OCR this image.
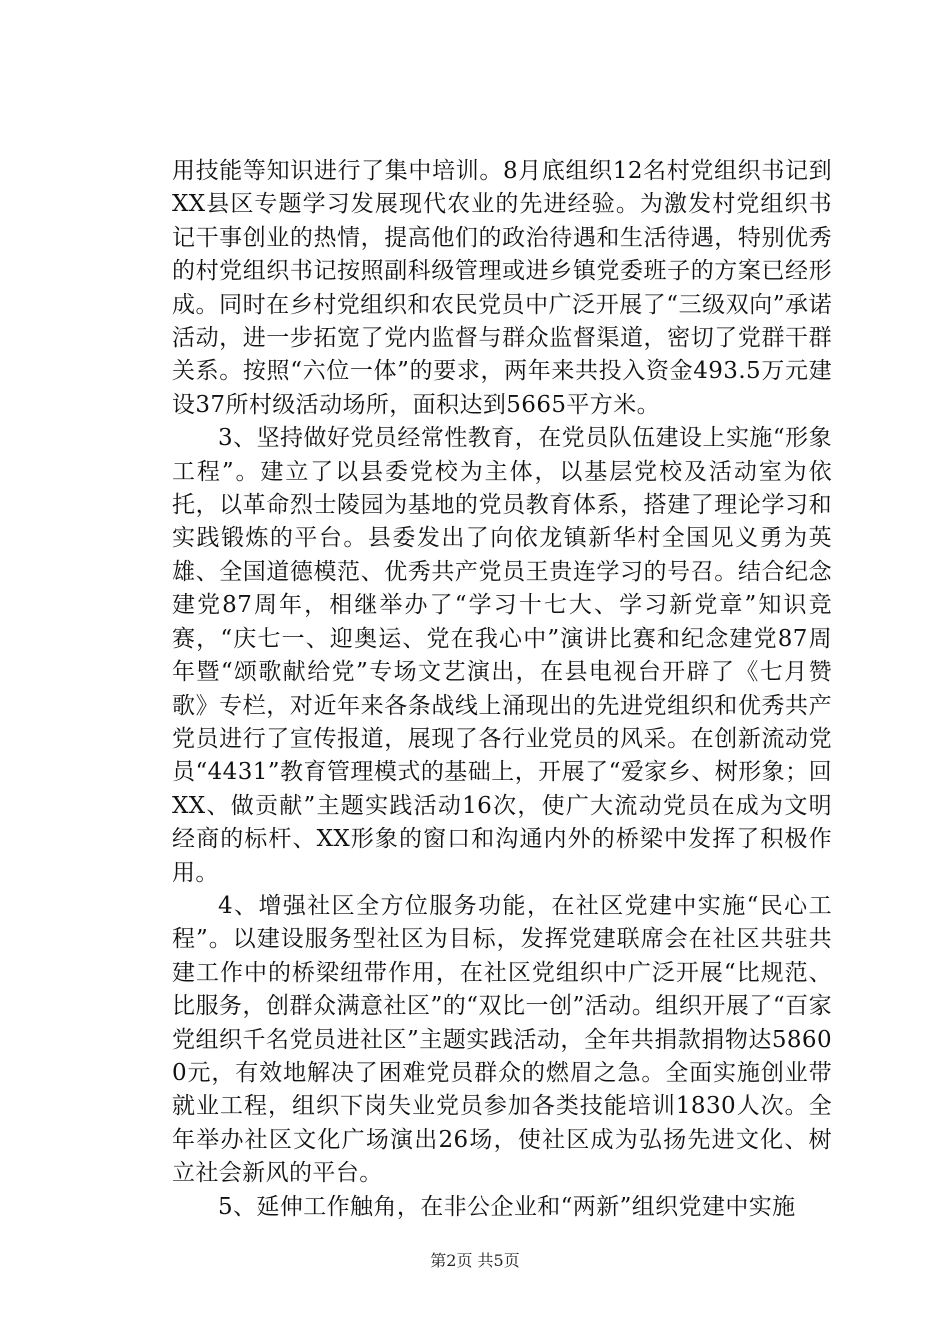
用技能等知识进行了集中培训。8月底组织12名村党组织书记到XX县区专题学习发展现代农业的先进经验。为激发村党组织书记干事创业的热情，提高他们的政治待遇和生活待遇，特别优秀的村党组织书记按照副科级管理或进乡镇党委班子的方案已经形成。同时在乡村党组织和农民党员中广泛开展了“三级双向”承诺活动，进一步拓宽了党内监督与群众监督渠道，密切了党群干群关系。按照“六位一体”的要求，两年来共投入资金493.5万元建设37所村级活动场所，面积达到5665平方米。

3、坚持做好党员经常性教育，在党员队伍建设上实施“形象工程”。建立了以县委党校为主体，以基层党校及活动室为依托，以革命烈士陵园为基地的党员教育体系，搭建了理论学习和实践锻炼的平台。县委发出了向依龙镇新华村全国见义勇为英雄、全国道德模范、优秀共产党员王贵连学习的号召。结合纪念建党87周年，相继举办了“学习十七大、学习新党章”知识竞赛，“庆七一、迎奥运、党在我心中”演讲比赛和纪念建党87周年暨“颂歌献给党”专场文艺演出，在县电视台开辟了《七月赞歌》专栏，对近年来各条战线上涌现出的先进党组织和优秀共产党员进行了宣传报道，展现了各行业党员的风采。在创新流动党员“4431”教育管理模式的基础上，开展了“爱家乡、树形象；回XX、做贡献”主题实践活动16次，使广大流动党员在成为文明经商的标杆、XX形象的窗口和沟通内外的桥梁中发挥了积极作用。

4、增强社区全方位服务功能，在社区党建中实施“民心工程”。以建设服务型社区为目标，发挥党建联席会在社区共驻共建工作中的桥梁纽带作用，在社区党组织中广泛开展“比规范、比服务，创群众满意社区”的“双比一创”活动。组织开展了“百家党组织千名党员进社区”主题实践活动，全年共捐款捐物达58600元，有效地解决了困难党员群众的燃眉之急。全面实施创业带就业工程，组织下岗失业党员参加各类技能培训1830人次。全年举办社区文化广场演出26场，使社区成为弘扬先进文化、树立社会新风的平台。

5、延伸工作触角，在非公企业和“两新”组织党建中实施

第2页 共5页
